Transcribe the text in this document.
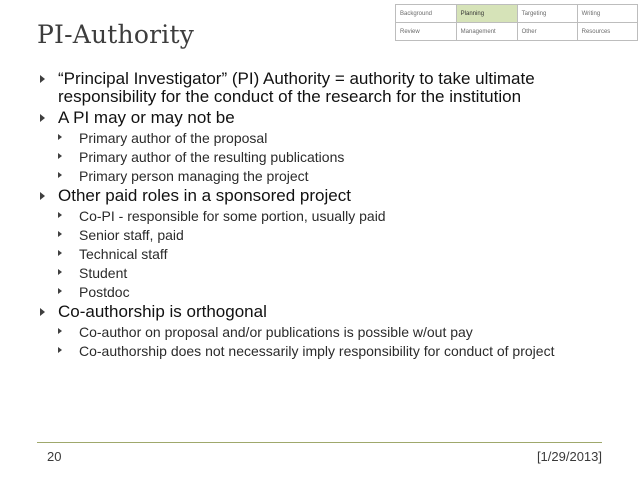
PI-Authority
Background	Planning	Targeting	Writing
Review	Management	Other	Resources
“Principal Investigator” (PI) Authority = authority to take ultimate responsibility for the conduct of the research for the institution
A PI may or may not be
Primary author of the proposal
Primary author of the resulting publications
Primary person managing the project
Other paid roles in a sponsored project
Co-PI - responsible for some portion, usually paid
Senior staff, paid
Technical staff
Student
Postdoc
Co-authorship is orthogonal
Co-author on proposal and/or publications is possible w/out pay
Co-authorship does not necessarily imply responsibility for conduct of project
20	[1/29/2013]
